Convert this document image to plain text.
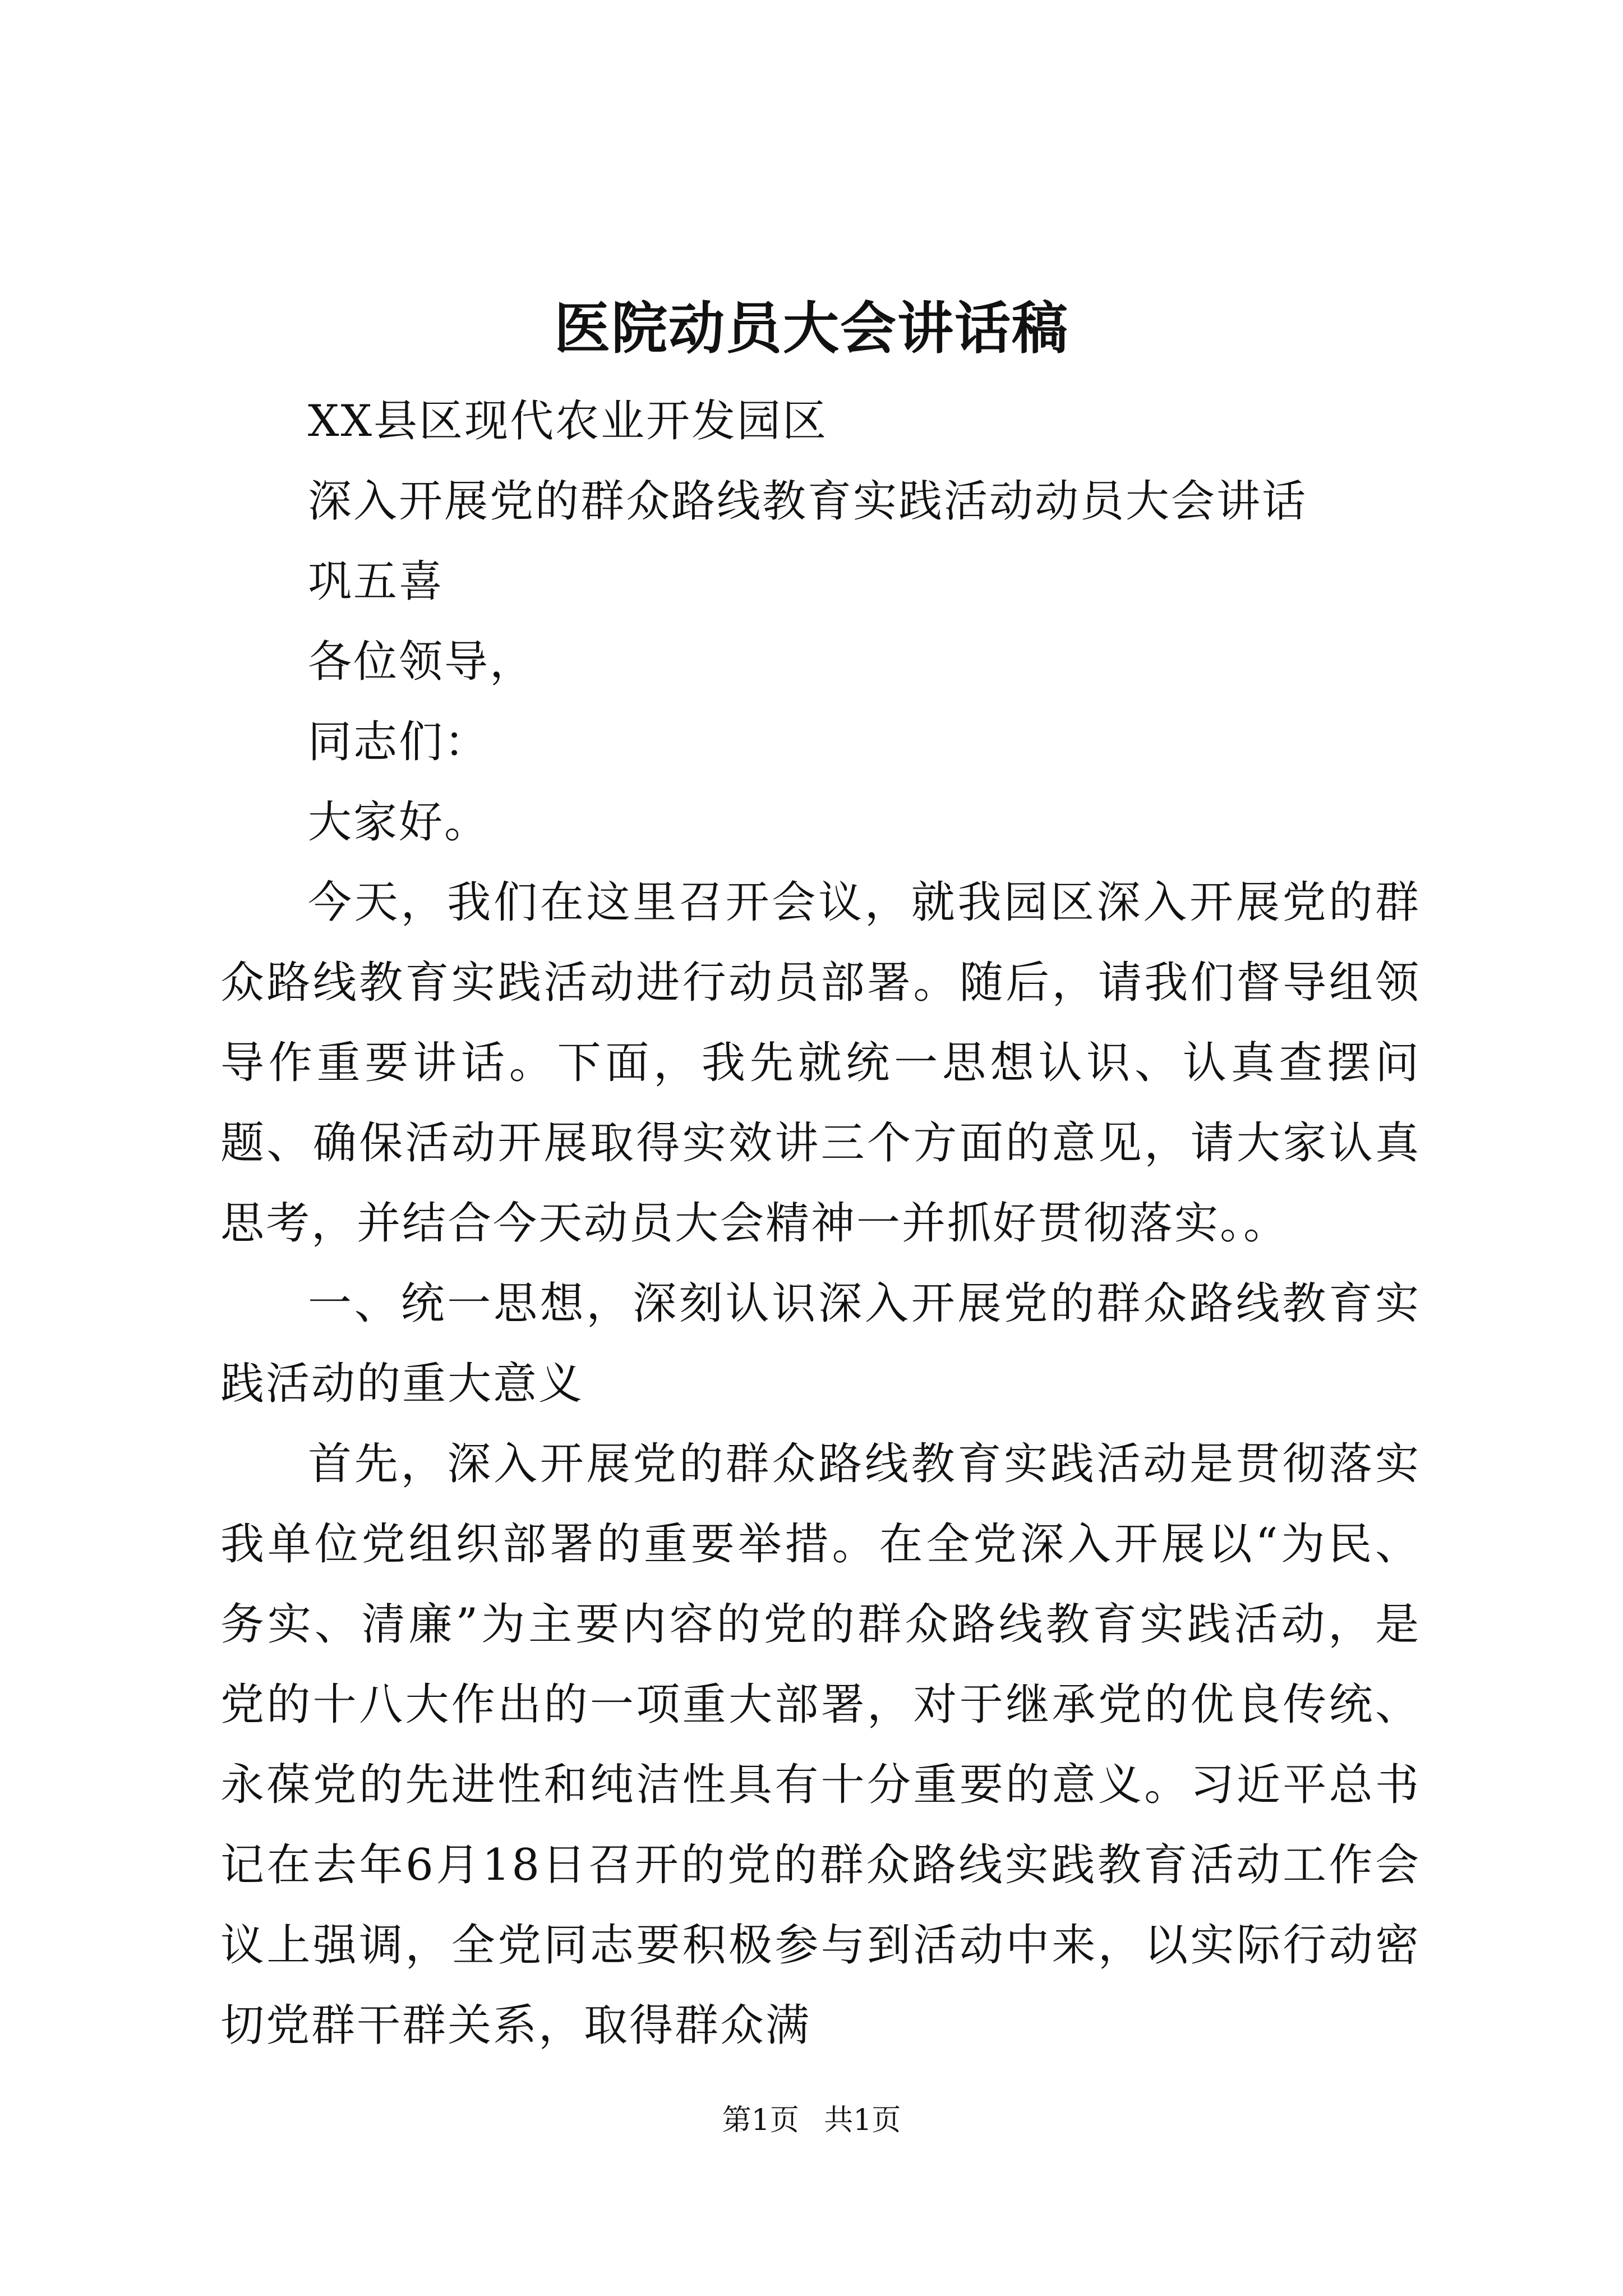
医院动员大会讲话稿

XX县区现代农业开发园区

深入开展党的群众路线教育实践活动动员大会讲话

巩五喜

各位领导，

同志们：

大家好。

今天，我们在这里召开会议，就我园区深入开展党的群众路线教育实践活动进行动员部署。随后，请我们督导组领导作重要讲话。下面，我先就统一思想认识、认真查摆问题、确保活动开展取得实效讲三个方面的意见，请大家认真思考，并结合今天动员大会精神一并抓好贯彻落实。。

一、统一思想，深刻认识深入开展党的群众路线教育实践活动的重大意义

首先，深入开展党的群众路线教育实践活动是贯彻落实我单位党组织部署的重要举措。在全党深入开展以“为民、务实、清廉”为主要内容的党的群众路线教育实践活动，是党的十八大作出的一项重大部署，对于继承党的优良传统、永葆党的先进性和纯洁性具有十分重要的意义。习近平总书记在去年6月18日召开的党的群众路线实践教育活动工作会议上强调，全党同志要积极参与到活动中来，以实际行动密切党群干群关系，取得群众满

第1页 共1页
